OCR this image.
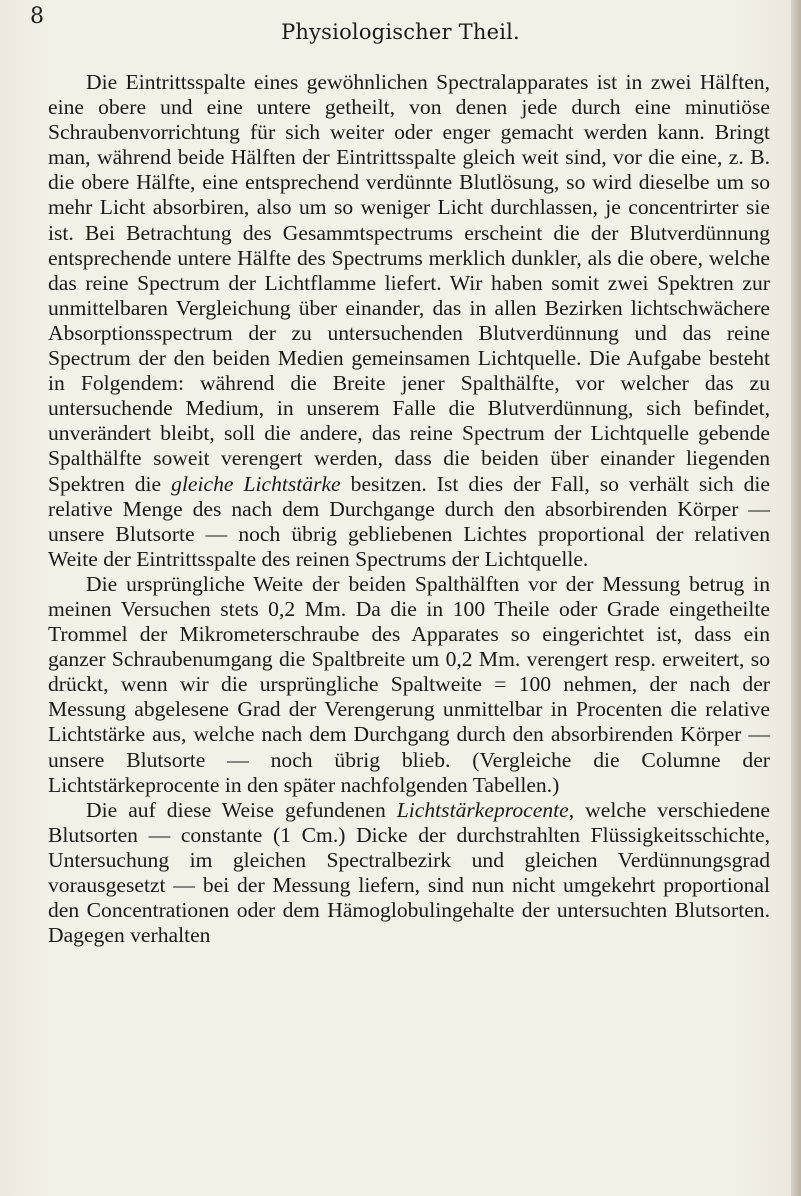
8
Physiologischer Theil.

Die Eintrittsspalte eines gewöhnlichen Spectralapparates ist in zwei Hälften, eine obere und eine untere getheilt, von denen jede durch eine minutiöse Schraubenvorrichtung für sich weiter oder enger gemacht werden kann. Bringt man, während beide Hälften der Eintrittsspalte gleich weit sind, vor die eine, z. B. die obere Hälfte, eine entsprechend verdünnte Blutlösung, so wird dieselbe um so mehr Licht absorbiren, also um so weniger Licht durchlassen, je concentrirter sie ist. Bei Betrachtung des Gesammtspectrums erscheint die der Blutverdünnung entsprechende untere Hälfte des Spectrums merklich dunkler, als die obere, welche das reine Spectrum der Lichtflamme liefert. Wir haben somit zwei Spektren zur unmittelbaren Vergleichung über einander, das in allen Bezirken lichtschwächere Absorptionsspectrum der zu untersuchenden Blutverdünnung und das reine Spectrum der den beiden Medien gemeinsamen Lichtquelle. Die Aufgabe besteht in Folgendem: während die Breite jener Spalthälfte, vor welcher das zu untersuchende Medium, in unserem Falle die Blutverdünnung, sich befindet, unverändert bleibt, soll die andere, das reine Spectrum der Lichtquelle gebende Spalthälfte soweit verengert werden, dass die beiden über einander liegenden Spektren die gleiche Lichtstärke besitzen. Ist dies der Fall, so verhält sich die relative Menge des nach dem Durchgange durch den absorbirenden Körper — unsere Blutsorte — noch übrig gebliebenen Lichtes proportional der relativen Weite der Eintrittsspalte des reinen Spectrums der Lichtquelle.

Die ursprüngliche Weite der beiden Spalthälften vor der Messung betrug in meinen Versuchen stets 0,2 Mm. Da die in 100 Theile oder Grade eingetheilte Trommel der Mikrometerschraube des Apparates so eingerichtet ist, dass ein ganzer Schraubenumgang die Spaltbreite um 0,2 Mm. verengert resp. erweitert, so drückt, wenn wir die ursprüngliche Spaltweite = 100 nehmen, der nach der Messung abgelesene Grad der Verengerung unmittelbar in Procenten die relative Lichtstärke aus, welche nach dem Durchgang durch den absorbirenden Körper — unsere Blutsorte — noch übrig blieb. (Vergleiche die Columne der Lichtstärkeprocente in den später nachfolgenden Tabellen.)

Die auf diese Weise gefundenen Lichtstärkeprocente, welche verschiedene Blutsorten — constante (1 Cm.) Dicke der durchstrahlten Flüssigkeitsschichte, Untersuchung im gleichen Spectralbezirk und gleichen Verdünnungsgrad vorausgesetzt — bei der Messung liefern, sind nun nicht umgekehrt proportional den Concentrationen oder dem Hämoglobulingehalte der untersuchten Blutsorten. Dagegen verhalten
